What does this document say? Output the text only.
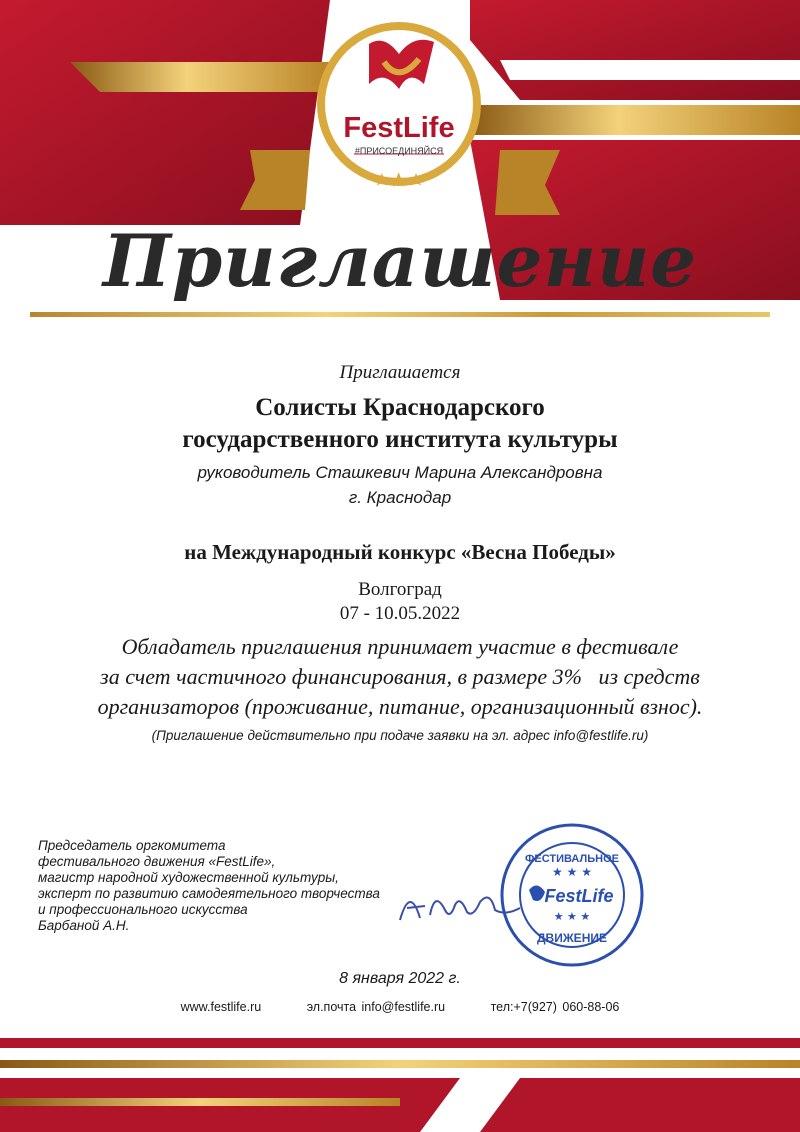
FestLife
#ПРИСОЕДИНЯЙСЯ
Приглашение
Приглашается
Солисты Краснодарского
государственного института культуры
руководитель Сташкевич Марина Александровна
г. Краснодар
на Международный конкурс «Весна Победы»
Волгоград
07 - 10.05.2022
Обладатель приглашения принимает участие в фестивале
за счет частичного финансирования, в размере 3%   из средств
организаторов (проживание, питание, организационный взнос).
(Приглашение действительно при подаче заявки на эл. адрес info@festlife.ru)
Председатель оргкомитета
фестивального движения «FestLife»,
магистр народной художественной культуры,
эксперт по развитию самодеятельного творчества
и профессионального искусства
Барбаной А.Н.
ФЕСТИВАЛЬНОЕ
★ ★ ★
FestLife
★ ★ ★
ДВИЖЕНИЕ
8 января 2022 г.
www.festlife.ru	эл.почта info@festlife.ru	тел:+7(927) 060-88-06
